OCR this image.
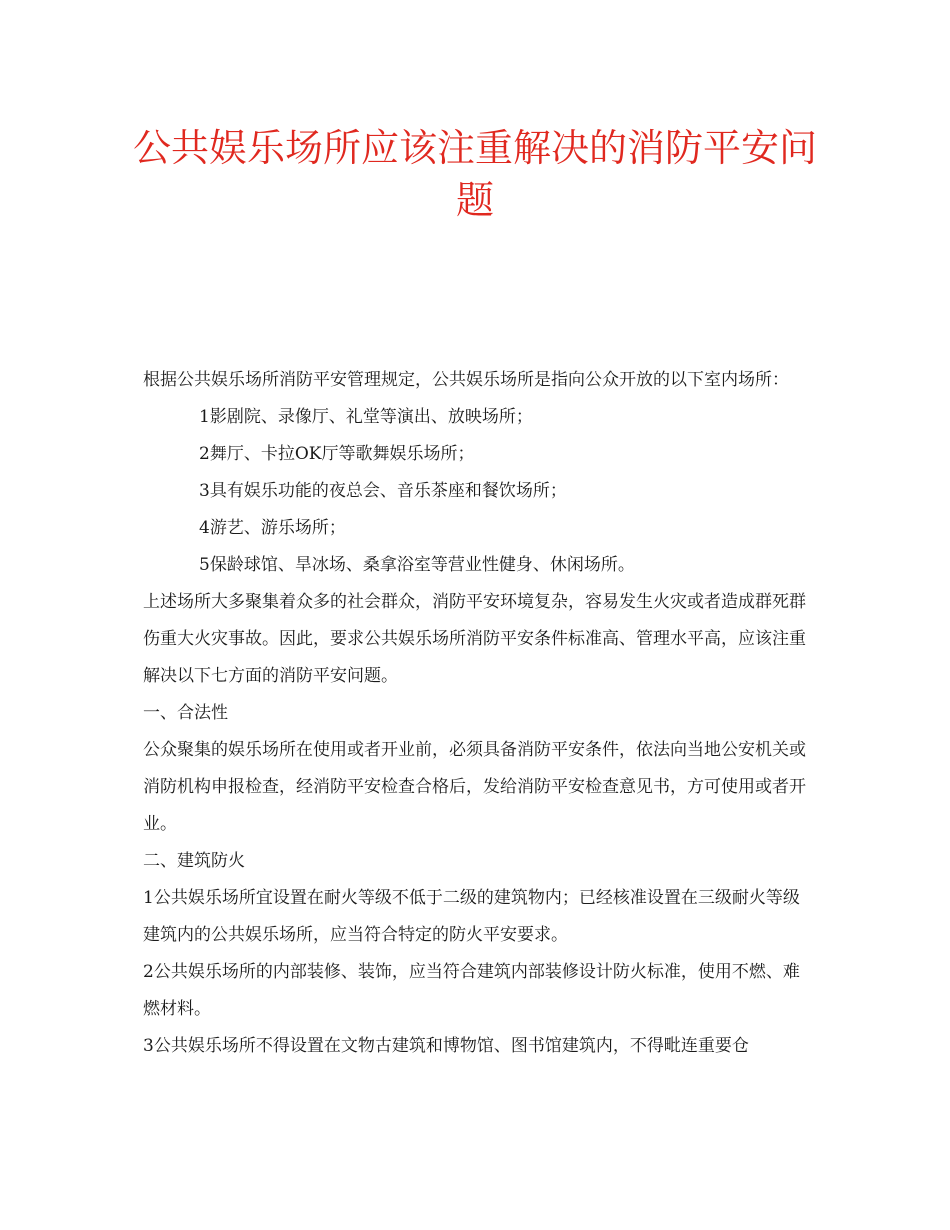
公共娱乐场所应该注重解决的消防平安问题

根据公共娱乐场所消防平安管理规定，公共娱乐场所是指向公众开放的以下室内场所：

1影剧院、录像厅、礼堂等演出、放映场所；

2舞厅、卡拉OK厅等歌舞娱乐场所；

3具有娱乐功能的夜总会、音乐茶座和餐饮场所；

4游艺、游乐场所；

5保龄球馆、旱冰场、桑拿浴室等营业性健身、休闲场所。

上述场所大多聚集着众多的社会群众，消防平安环境复杂，容易发生火灾或者造成群死群伤重大火灾事故。因此，要求公共娱乐场所消防平安条件标准高、管理水平高，应该注重解决以下七方面的消防平安问题。

一、合法性

公众聚集的娱乐场所在使用或者开业前，必须具备消防平安条件，依法向当地公安机关或消防机构申报检查，经消防平安检查合格后，发给消防平安检查意见书，方可使用或者开业。

二、建筑防火

1公共娱乐场所宜设置在耐火等级不低于二级的建筑物内；已经核准设置在三级耐火等级建筑内的公共娱乐场所，应当符合特定的防火平安要求。

2公共娱乐场所的内部装修、装饰，应当符合建筑内部装修设计防火标准，使用不燃、难燃材料。

3公共娱乐场所不得设置在文物古建筑和博物馆、图书馆建筑内，不得毗连重要仓
